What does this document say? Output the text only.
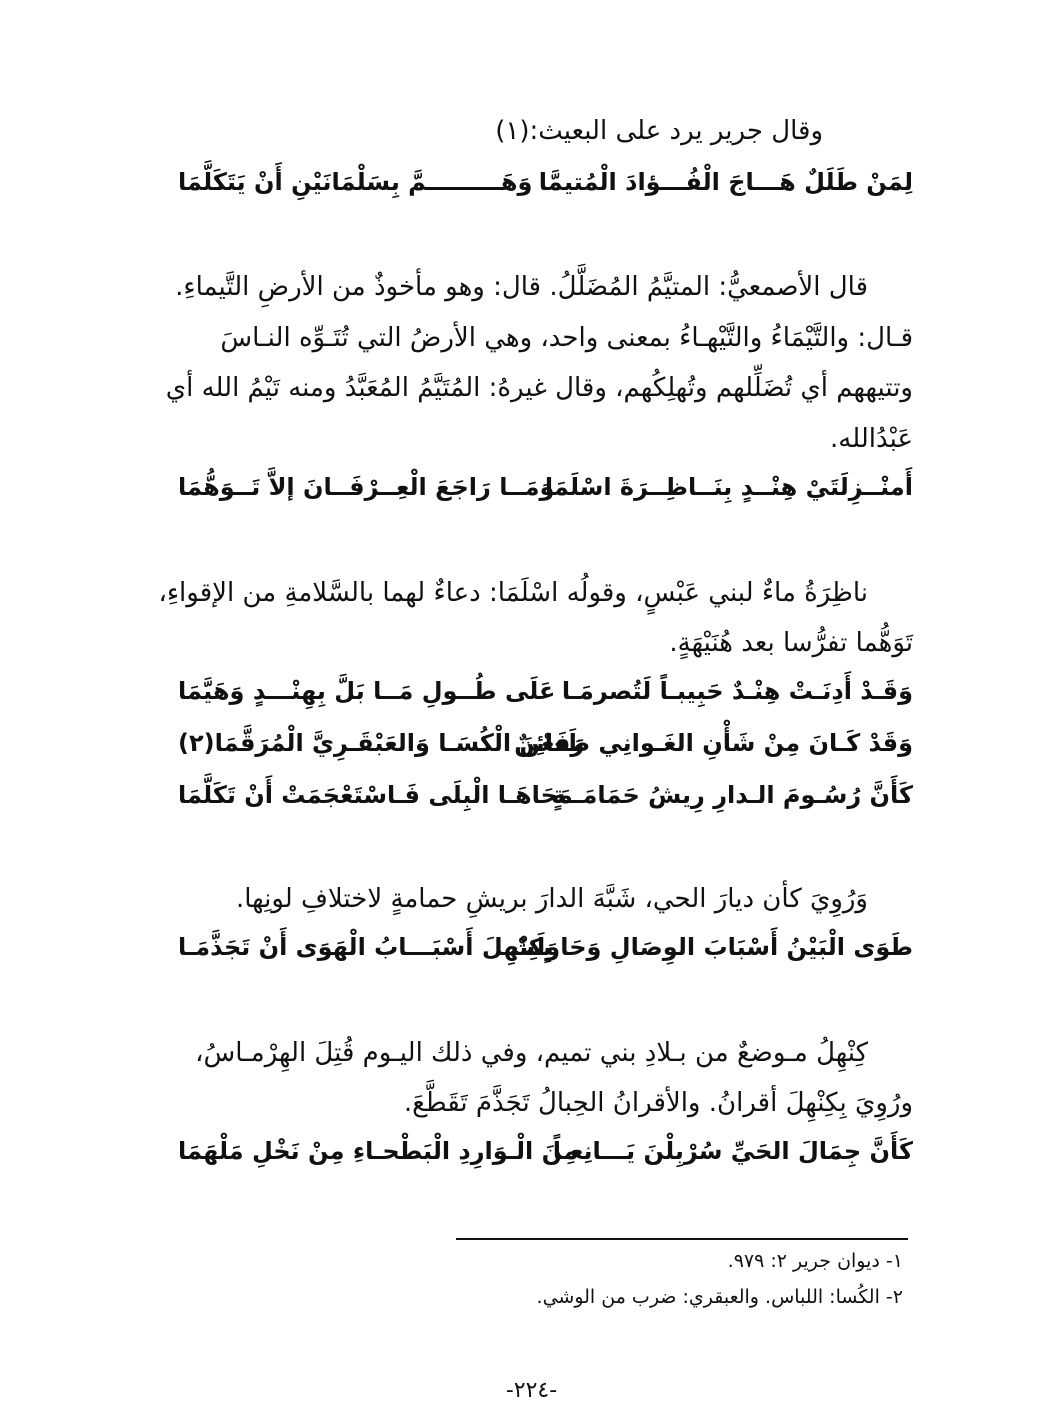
وقال جرير يرد على البعيث:(١)
لِمَنْ طَلَلٌ هَـــاجَ الْفُـــؤادَ الْمُتيمَّا
وَهَـــــــــمَّ بِسَلْمَانَيْنِ أَنْ يَتَكَلَّمَا
قال الأصمعيُّ: المتيَّمُ المُضَلَّلُ. قال: وهو مأخوذٌ من الأرضِ التَّيماءِ.
قـال: والتَّيْمَاءُ والتَّيْهـاءُ بمعنى واحد، وهي الأرضُ التي تُتَـوِّه النـاسَ
وتتيههم أي تُضَلِّلهم وتُهلِكُهم، وقال غيرهُ: المُتَيَّمُ المُعَبَّدُ ومنه تَيْمُ الله أي
عَبْدُالله.
أَمنْــزِلَتَيْ هِنْــدٍ بِنَــاظِــرَةَ اسْلَمَا
وَمَــا رَاجَعَ الْعِــرْفَــانَ إلاَّ تَــوَهُّمَا
ناظِرَةُ ماءٌ لبني عَبْسٍ، وقولُه اسْلَمَا: دعاءٌ لهما بالسَّلامةِ من الإقواءِ،
تَوَهُّما تفرُّسا بعد هُنَيْهَةٍ.
وَقَـدْ أَدِنَـتْ هِنْـدٌ حَبِيبـاً لَتُصرمَـا
عَلَى طُــولِ مَــا بَلَّ بِهِنْـــدٍ وَهَيَّمَا
وَقَدْ كَـانَ مِنْ شَأْنِ الغَـوانِي ظَعائِنٌ
رَفَعْنَ الْكُسَـا وَالعَبْقَـرِيَّ الْمُرَقَّمَا(٢)
كَأَنَّ رُسُـومَ الـدارِ رِيشُ حَمَامَــةٍ
مَحَاهَـا الْبِلَى فَـاسْتَعْجَمَتْ أَنْ تَكَلَّمَا
وَرُوِيَ كأن ديارَ الحي، شَبَّهَ الدارَ بريشِ حمامةٍ لاختلافِ لونِها.
طَوَى الْبَيْنُ أَسْبَابَ الوِصَالِ وَحَاوَلَتْ
بِكِنْهِلَ أَسْبَـــابُ الْهَوَى أَنْ تَجَذَّمَـا
كِنْهِلُ مـوضعٌ من بـلادِ بني تميم، وفي ذلك اليـوم قُتِلَ الهِرْمـاسُ،
ورُوِيَ بِكِنْهِلَ أقرانُ. والأقرانُ الحِبالُ تَجَذَّمَ تَقَطَّعَ.
كَأَنَّ جِمَالَ الحَيِّ سُرْبِلْنَ يَـــانِعـاً
مِنَ الْـوَارِدِ الْبَطْحـاءِ مِنْ نَخْلِ مَلْهَمَا
١- ديوان جرير ٢: ٩٧٩.
٢- الكُسا: اللباس. والعبقري: ضرب من الوشي.
-٢٢٤-
